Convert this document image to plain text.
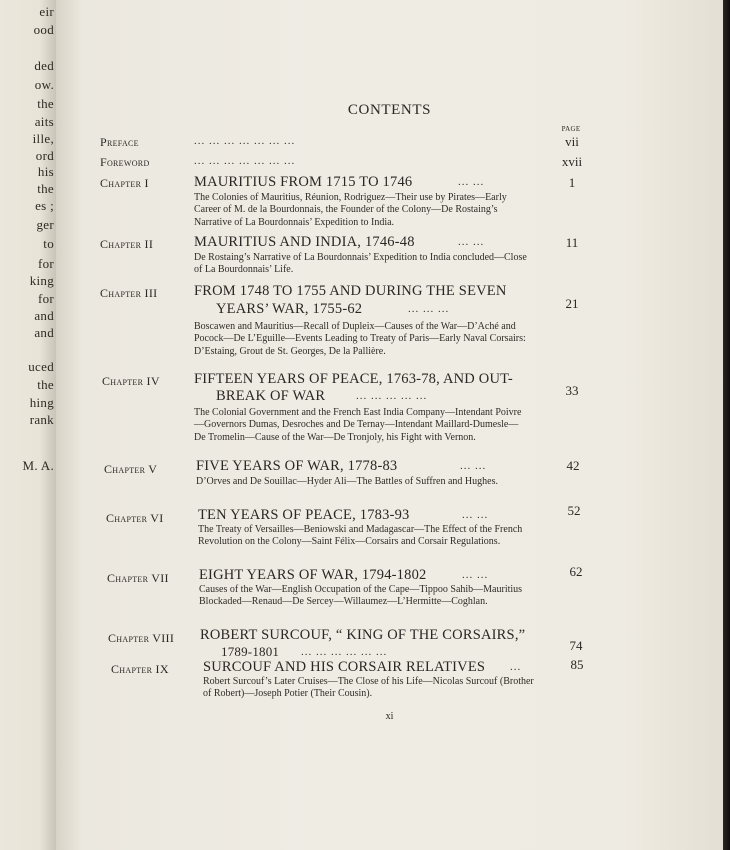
eir
ood
ded
ow.
the
aits
ille,
ord
his
the
es ;
ger
to
for
king
for
and
and
uced
the
hing
rank
M. A.
CONTENTS
PAGE
Preface	... ... ... ... ... ... ...	vii
Foreword	... ... ... ... ... ... ...	xvii
Chapter I	MAURITIUS FROM 1715 TO 1746	... ...	1
The Colonies of Mauritius, Réunion, Rodriguez—Their use by Pirates—Early Career of M. de la Bourdonnais, the Founder of the Colony—De Rostaing’s Narrative of La Bourdonnais’ Expedition to India.
Chapter II	MAURITIUS AND INDIA, 1746-48	... ...	11
De Rostaing’s Narrative of La Bourdonnais’ Expedition to India concluded—Close of La Bourdonnais’ Life.
Chapter III	FROM 1748 TO 1755 AND DURING THE SEVEN
YEARS’ WAR, 1755-62	... ... ...	21
Boscawen and Mauritius—Recall of Dupleix—Causes of the War—D’Aché and Pocock—De L’Eguille—Events Leading to Treaty of Paris—Early Naval Corsairs: D’Estaing, Grout de St. Georges, De la Pallière.
Chapter IV FIFTEEN YEARS OF PEACE, 1763-78, AND OUT-
BREAK OF WAR	... ... ... ... ...	33
The Colonial Government and the French East India Company—Intendant Poivre—Governors Dumas, Desroches and De Ternay—Intendant Maillard-Dumesle—De Tromelin—Cause of the War—De Tronjoly, his Fight with Vernon.
Chapter V	FIVE YEARS OF WAR, 1778-83	... ...	42
D’Orves and De Souillac—Hyder Ali—The Battles of Suffren and Hughes.
Chapter VI TEN YEARS OF PEACE, 1783-93	... ...	52
The Treaty of Versailles—Beniowski and Madagascar—The Effect of the French Revolution on the Colony—Saint Félix—Corsairs and Corsair Regulations.
Chapter VII EIGHT YEARS OF WAR, 1794-1802	... ...	62
Causes of the War—English Occupation of the Cape—Tippoo Sahib—Mauritius Blockaded—Renaud—De Sercey—Willaumez—L’Hermitte—Coghlan.
Chapter VIII ROBERT SURCOUF, “ KING OF THE CORSAIRS,”
1789-1801 ... ... ... ... ... ...	74
Chapter IX SURCOUF AND HIS CORSAIR RELATIVES ...	85
Robert Surcouf’s Later Cruises—The Close of his Life—Nicolas Surcouf (Brother of Robert)—Joseph Potier (Their Cousin).
xi
